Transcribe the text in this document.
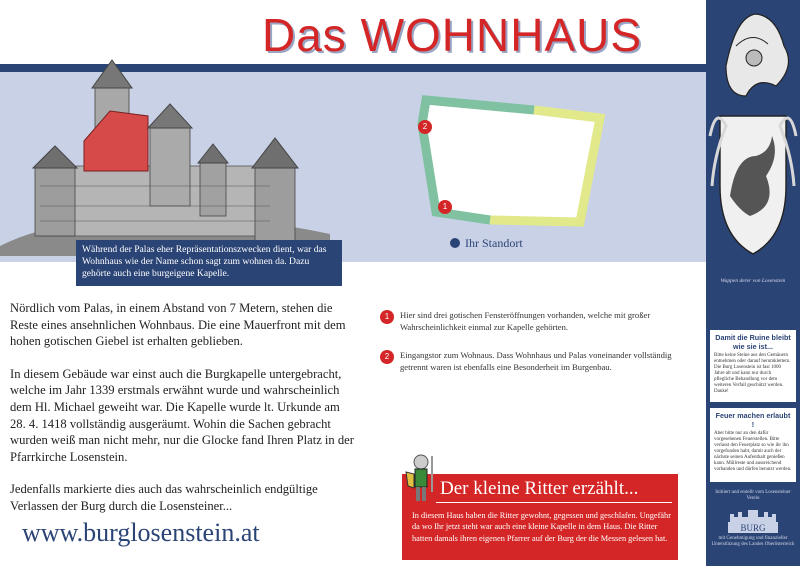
Das WOHNHAUS
Während der Palas eher Repräsentationszwecken dient, war das Wohnhaus wie der Name schon sagt zum wohnen da. Dazu gehörte auch eine burgeigene Kapelle.
2
1
Ihr Standort

Nördlich vom Palas, in einem Abstand von 7 Metern, stehen die Reste eines ansehnlichen Wohnbaus. Die eine Mauerfront mit dem hohen gotischen Giebel ist erhalten geblieben.

In diesem Gebäude war einst auch die Burgkapelle untergebracht, welche im Jahr 1339 erstmals erwähnt wurde und wahrscheinlich dem Hl. Michael geweiht war. Die Kapelle wurde lt. Urkunde am 28. 4. 1418 vollständig ausgeräumt. Wohin die Sachen gebracht wurden weiß man nicht mehr, nur die Glocke fand Ihren Platz in der Pfarrkirche Losenstein.

Jedenfalls markierte dies auch das wahrscheinlich endgültige Verlassen der Burg durch die Losensteiner...

www.burglosenstein.at
1	Hier sind drei gotischen Fensteröffnungen vorhanden, welche mit großer Wahrscheinlichkeit einmal zur Kapelle gehörten.
2	Eingangstor zum Wohnaus. Dass Wohnhaus und Palas voneinander vollständig getrennt waren ist ebenfalls eine Besonderheit im Burgenbau.
Der kleine Ritter erzählt...
In diesem Haus haben die Ritter gewohnt, gegessen und geschlafen. Ungefähr da wo Ihr jetzt steht war auch eine kleine Kapelle in dem Haus. Die Ritter hatten damals ihren eigenen Pfarrer auf der Burg der die Messen gelesen hat.
Wappen derer von Losenstein
Damit die Ruine bleibt wie sie ist...

Bitte keine Steine aus den Gemäuern entnehmen oder darauf herumklettern. Die Burg Losenstein ist fast 1000 Jahre alt und kann nur durch pflegliche Behandlung vor dem weiteren Verfall geschützt werden. Danke!

Feuer machen erlaubt !

Aber bitte nur an den dafür vorgesehenen Feuerstellen. Bitte verlasst den Feuerplatz so wie ihr ihn vorgefunden habt, damit auch der nächste seinen Aufenthalt genießen kann. Müllreste und aussreichend vorhanden und dürfen benutzt werden.

Initiiert und erstellt vom Losensteiner Verein
BURG
mit Genehmigung und finanzieller Unterstützung des Landes Oberösterreich
